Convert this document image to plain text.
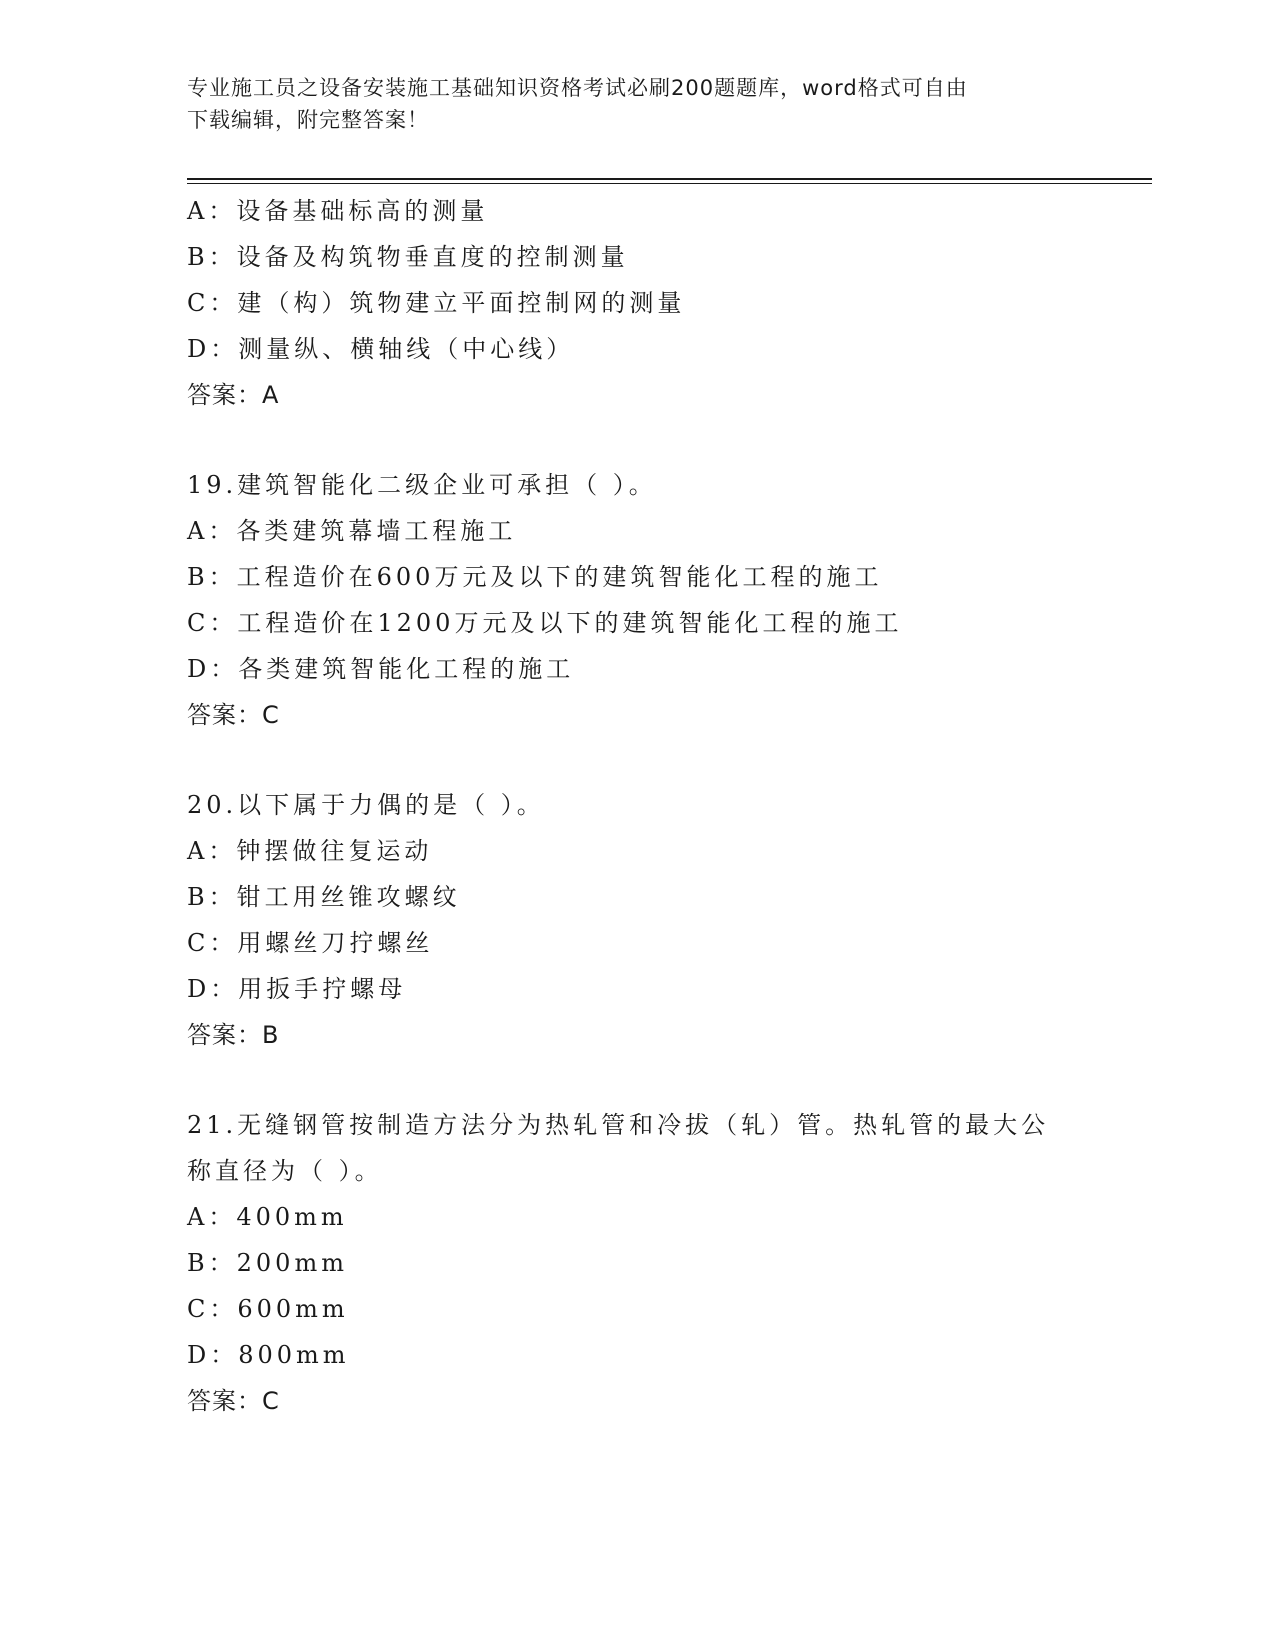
专业施工员之设备安装施工基础知识资格考试必刷200题题库，word格式可自由
下载编辑，附完整答案！
A：设备基础标高的测量
B：设备及构筑物垂直度的控制测量
C：建（构）筑物建立平面控制网的测量
D：测量纵、横轴线（中心线）
答案：A
19.建筑智能化二级企业可承担（ ）。
A：各类建筑幕墙工程施工
B：工程造价在600万元及以下的建筑智能化工程的施工
C：工程造价在1200万元及以下的建筑智能化工程的施工
D：各类建筑智能化工程的施工
答案：C
20.以下属于力偶的是（ ）。
A：钟摆做往复运动
B：钳工用丝锥攻螺纹
C：用螺丝刀拧螺丝
D：用扳手拧螺母
答案：B
21.无缝钢管按制造方法分为热轧管和冷拔（轧）管。热轧管的最大公
称直径为（ ）。
A：400mm
B：200mm
C：600mm
D：800mm
答案：C
